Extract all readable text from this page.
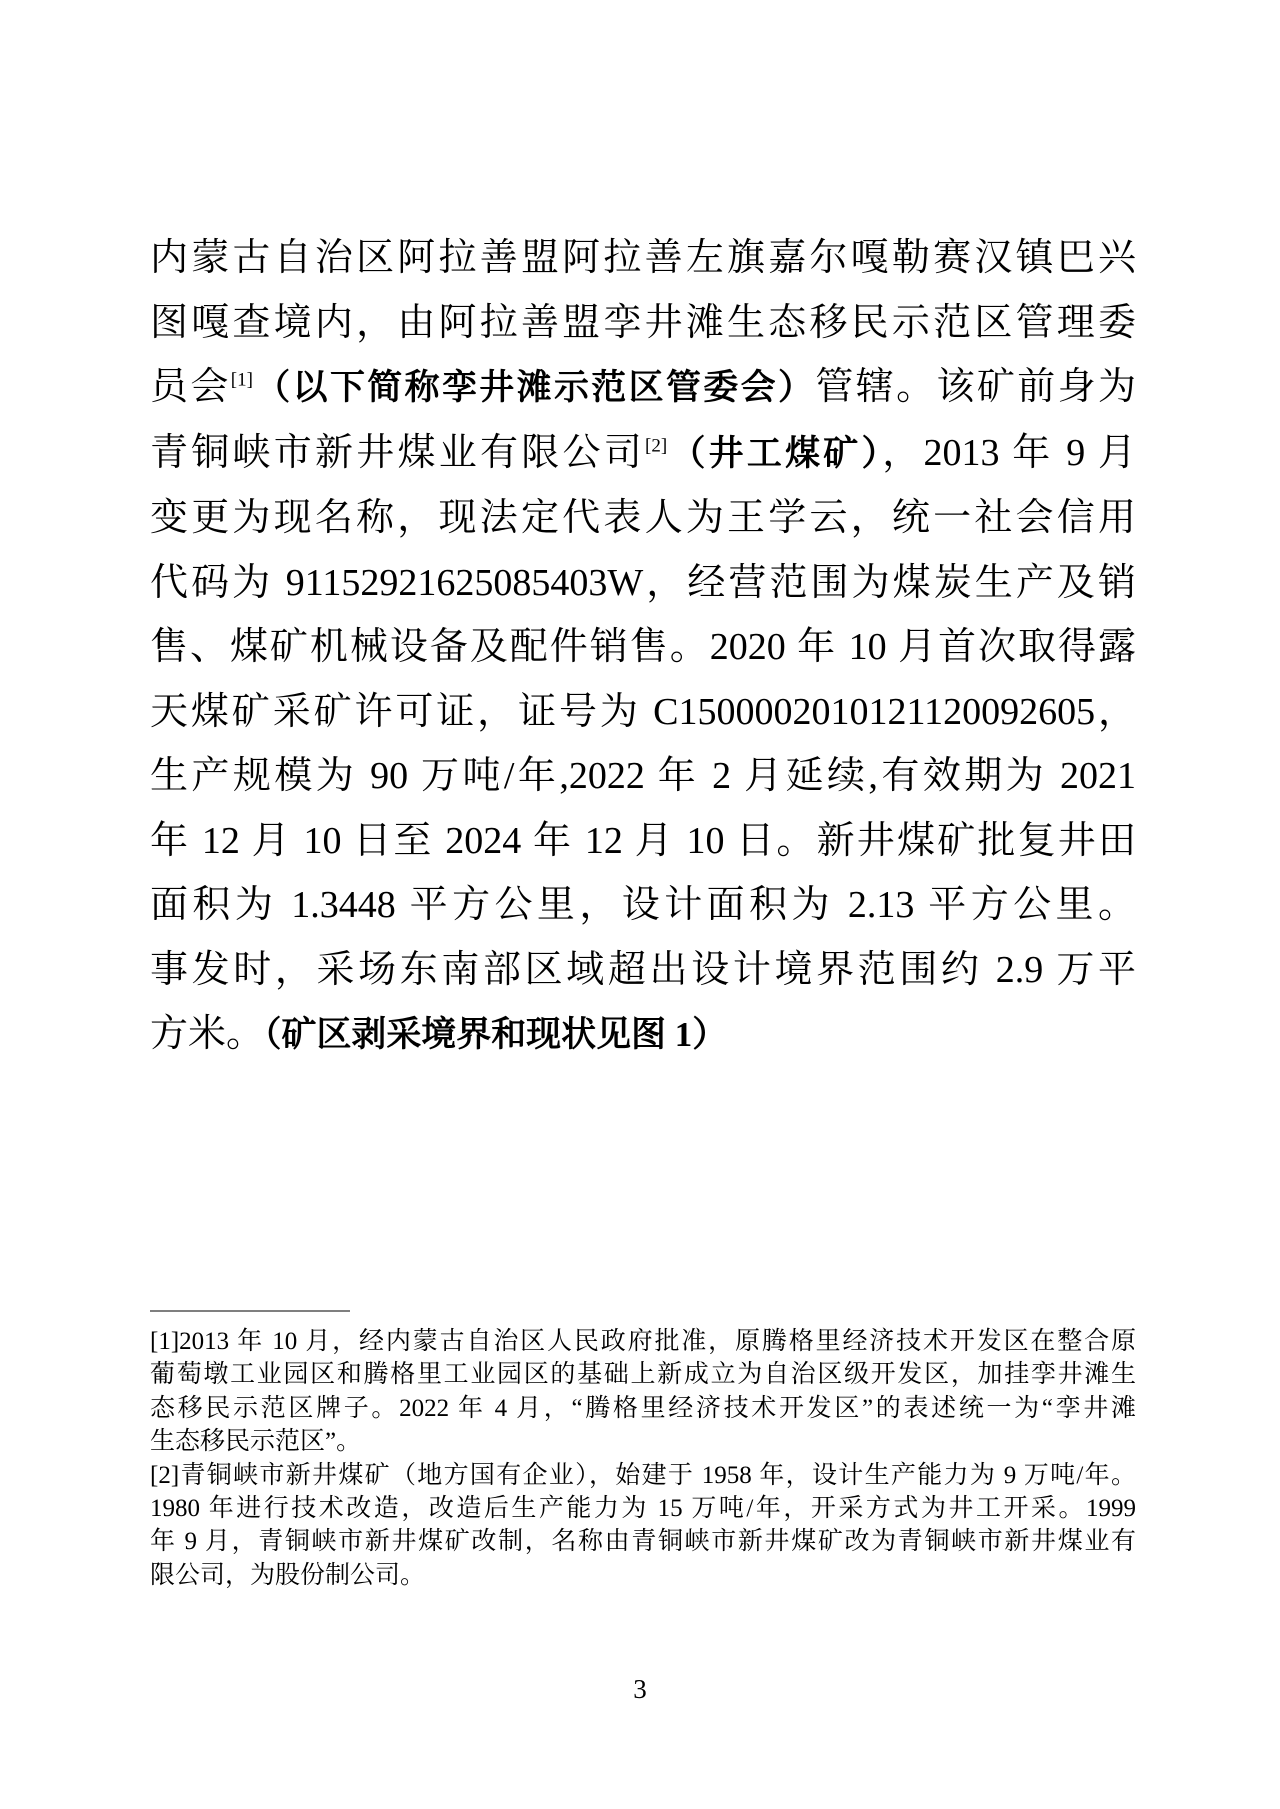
内蒙古自治区阿拉善盟阿拉善左旗嘉尔嘎勒赛汉镇巴兴
图嘎查境内，由阿拉善盟孪井滩生态移民示范区管理委
员会[1]（以下简称孪井滩示范区管委会）管辖。该矿前身为
青铜峡市新井煤业有限公司[2]（井工煤矿），2013 年 9 月
变更为现名称，现法定代表人为王学云，统一社会信用
代码为 91152921625085403W，经营范围为煤炭生产及销
售、煤矿机械设备及配件销售。2020 年 10 月首次取得露
天煤矿采矿许可证，证号为 C1500002010121120092605，
生产规模为 90 万吨/年,2022 年 2 月延续,有效期为 2021
年 12 月 10 日至 2024 年 12 月 10 日。新井煤矿批复井田
面积为 1.3448 平方公里，设计面积为 2.13 平方公里。
事发时，采场东南部区域超出设计境界范围约 2.9 万平
方米。（矿区剥采境界和现状见图 1）
[1]2013 年 10 月，经内蒙古自治区人民政府批准，原腾格里经济技术开发区在整合原
葡萄墩工业园区和腾格里工业园区的基础上新成立为自治区级开发区，加挂孪井滩生
态移民示范区牌子。2022 年 4 月，“腾格里经济技术开发区”的表述统一为“孪井滩
生态移民示范区”。
[2]青铜峡市新井煤矿（地方国有企业），始建于 1958 年，设计生产能力为 9 万吨/年。
1980 年进行技术改造，改造后生产能力为 15 万吨/年，开采方式为井工开采。1999
年 9 月，青铜峡市新井煤矿改制，名称由青铜峡市新井煤矿改为青铜峡市新井煤业有
限公司，为股份制公司。
3
